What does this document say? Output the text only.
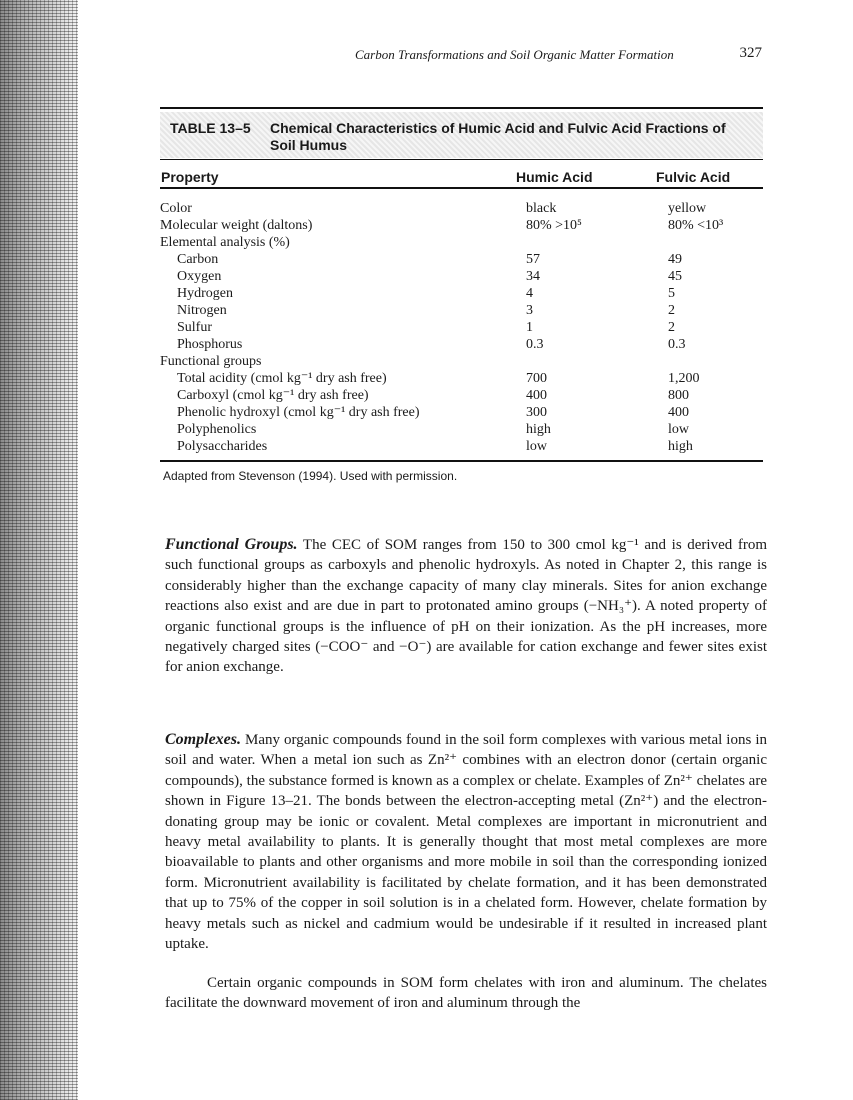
Carbon Transformations and Soil Organic Matter Formation	327
TABLE 13–5 Chemical Characteristics of Humic Acid and Fulvic Acid Fractions of Soil Humus
Property	Humic Acid	Fulvic Acid
Color	black	yellow
Molecular weight (daltons)	80% >10⁵	80% <10³
Elemental analysis (%)
Carbon	57	49
Oxygen	34	45
Hydrogen	4	5
Nitrogen	3	2
Sulfur	1	2
Phosphorus	0.3	0.3
Functional groups
Total acidity (cmol kg⁻¹ dry ash free)	700	1,200
Carboxyl (cmol kg⁻¹ dry ash free)	400	800
Phenolic hydroxyl (cmol kg⁻¹ dry ash free)	300	400
Polyphenolics	high	low
Polysaccharides	low	high
Adapted from Stevenson (1994). Used with permission.

Functional Groups. The CEC of SOM ranges from 150 to 300 cmol kg⁻¹ and is derived from such functional groups as carboxyls and phenolic hydroxyls. As noted in Chapter 2, this range is considerably higher than the exchange capacity of many clay minerals. Sites for anion exchange reactions also exist and are due in part to protonated amino groups (−NH₃⁺). A noted property of organic functional groups is the influence of pH on their ionization. As the pH increases, more negatively charged sites (−COO⁻ and −O⁻) are available for cation exchange and fewer sites exist for anion exchange.

Complexes. Many organic compounds found in the soil form complexes with various metal ions in soil and water. When a metal ion such as Zn²⁺ combines with an electron donor (certain organic compounds), the substance formed is known as a complex or chelate. Examples of Zn²⁺ chelates are shown in Figure 13–21. The bonds between the electron-accepting metal (Zn²⁺) and the electron-donating group may be ionic or covalent. Metal complexes are important in micronutrient and heavy metal availability to plants. It is generally thought that most metal complexes are more bioavailable to plants and other organisms and more mobile in soil than the corresponding ionized form. Micronutrient availability is facilitated by chelate formation, and it has been demonstrated that up to 75% of the copper in soil solution is in a chelated form. However, chelate formation by heavy metals such as nickel and cadmium would be undesirable if it resulted in increased plant uptake.

Certain organic compounds in SOM form chelates with iron and aluminum. The chelates facilitate the downward movement of iron and aluminum through the
